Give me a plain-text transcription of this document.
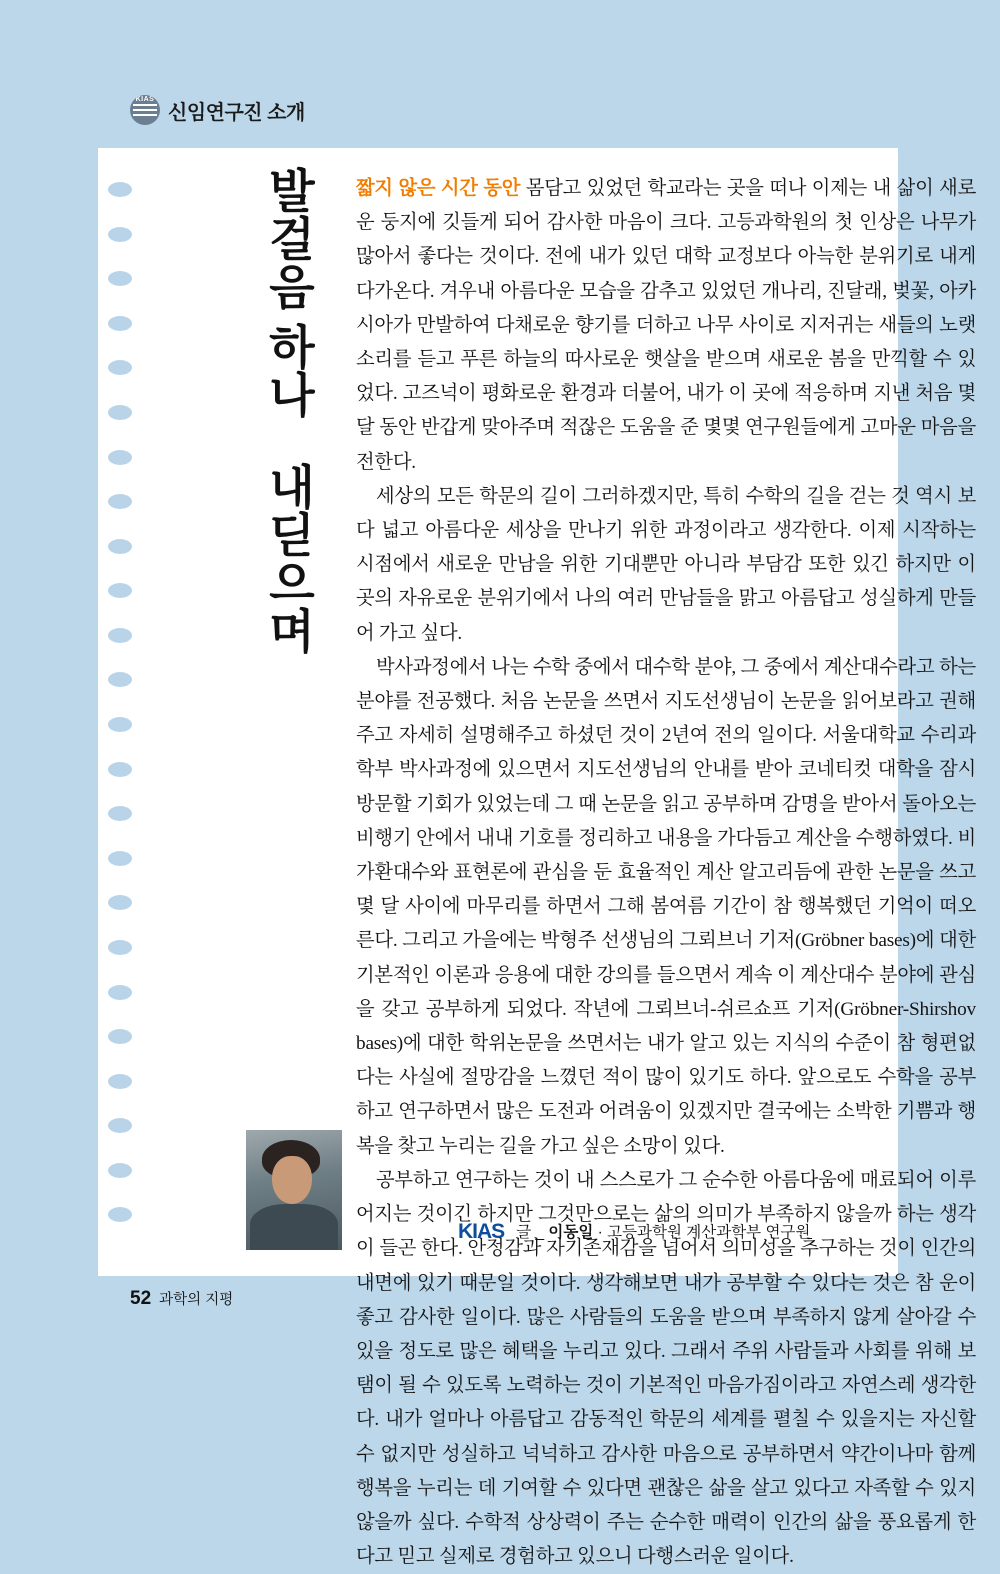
KIAS
신임연구진 소개
발
걸
음
하
나
를
내
딛
으
며

짧지 않은 시간 동안 몸담고 있었던 학교라는 곳을 떠나 이제는 내 삶이 새로운 둥지에 깃들게 되어 감사한 마음이 크다. 고등과학원의 첫 인상은 나무가 많아서 좋다는 것이다. 전에 내가 있던 대학 교정보다 아늑한 분위기로 내게 다가온다. 겨우내 아름다운 모습을 감추고 있었던 개나리, 진달래, 벚꽃, 아카시아가 만발하여 다채로운 향기를 더하고 나무 사이로 지저귀는 새들의 노랫소리를 듣고 푸른 하늘의 따사로운 햇살을 받으며 새로운 봄을 만끽할 수 있었다. 고즈넉이 평화로운 환경과 더불어, 내가 이 곳에 적응하며 지낸 처음 몇 달 동안 반갑게 맞아주며 적잖은 도움을 준 몇몇 연구원들에게 고마운 마음을 전한다.

세상의 모든 학문의 길이 그러하겠지만, 특히 수학의 길을 걷는 것 역시 보다 넓고 아름다운 세상을 만나기 위한 과정이라고 생각한다. 이제 시작하는 시점에서 새로운 만남을 위한 기대뿐만 아니라 부담감 또한 있긴 하지만 이 곳의 자유로운 분위기에서 나의 여러 만남들을 맑고 아름답고 성실하게 만들어 가고 싶다.

박사과정에서 나는 수학 중에서 대수학 분야, 그 중에서 계산대수라고 하는 분야를 전공했다. 처음 논문을 쓰면서 지도선생님이 논문을 읽어보라고 권해주고 자세히 설명해주고 하셨던 것이 2년여 전의 일이다. 서울대학교 수리과학부 박사과정에 있으면서 지도선생님의 안내를 받아 코네티컷 대학을 잠시 방문할 기회가 있었는데 그 때 논문을 읽고 공부하며 감명을 받아서 돌아오는 비행기 안에서 내내 기호를 정리하고 내용을 가다듬고 계산을 수행하였다. 비가환대수와 표현론에 관심을 둔 효율적인 계산 알고리듬에 관한 논문을 쓰고 몇 달 사이에 마무리를 하면서 그해 봄여름 기간이 참 행복했던 기억이 떠오른다. 그리고 가을에는 박형주 선생님의 그뢰브너 기저(Gröbner bases)에 대한 기본적인 이론과 응용에 대한 강의를 들으면서 계속 이 계산대수 분야에 관심을 갖고 공부하게 되었다. 작년에 그뢰브너-쉬르쇼프 기저(Gröbner-Shirshov bases)에 대한 학위논문을 쓰면서는 내가 알고 있는 지식의 수준이 참 형편없다는 사실에 절망감을 느꼈던 적이 많이 있기도 하다. 앞으로도 수학을 공부하고 연구하면서 많은 도전과 어려움이 있겠지만 결국에는 소박한 기쁨과 행복을 찾고 누리는 길을 가고 싶은 소망이 있다.

공부하고 연구하는 것이 내 스스로가 그 순수한 아름다움에 매료되어 이루어지는 것이긴 하지만 그것만으로는 삶의 의미가 부족하지 않을까 하는 생각이 들곤 한다. 안정감과 자기존재감을 넘어서 의미성을 추구하는 것이 인간의 내면에 있기 때문일 것이다. 생각해보면 내가 공부할 수 있다는 것은 참 운이 좋고 감사한 일이다. 많은 사람들의 도움을 받으며 부족하지 않게 살아갈 수 있을 정도로 많은 혜택을 누리고 있다. 그래서 주위 사람들과 사회를 위해 보탬이 될 수 있도록 노력하는 것이 기본적인 마음가짐이라고 자연스레 생각한다. 내가 얼마나 아름답고 감동적인 학문의 세계를 펼칠 수 있을지는 자신할 수 없지만 성실하고 넉넉하고 감사한 마음으로 공부하면서 약간이나마 함께 행복을 누리는 데 기여할 수 있다면 괜찮은 삶을 살고 있다고 자족할 수 있지 않을까 싶다. 수학적 상상력이 주는 순수한 매력이 인간의 삶을 풍요롭게 한다고 믿고 실제로 경험하고 있으니 다행스러운 일이다.

KIAS 글 _ 이동일 · 고등과학원 계산과학부 연구원
52 과학의 지평
